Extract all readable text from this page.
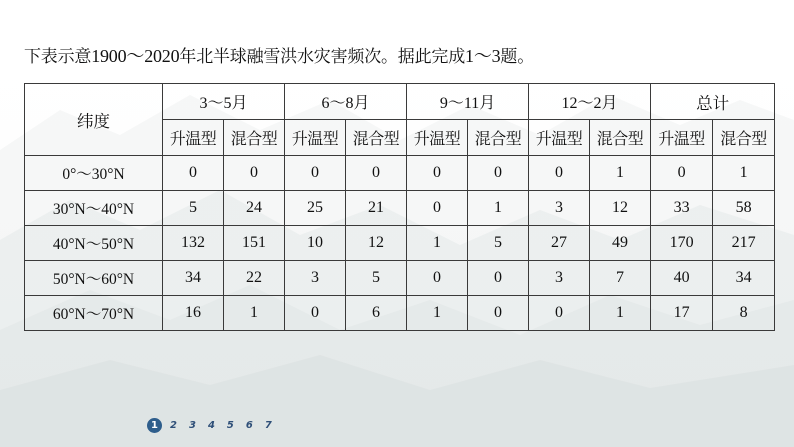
下表示意1900～2020年北半球融雪洪水灾害频次。据此完成1～3题。
纬度	3～5月		6～8月		9～11月		12～2月		总计	
	升温型	混合型	升温型	混合型	升温型	混合型	升温型	混合型	升温型	混合型
0°～30°N	0	0	0	0	0	0	0	1	0	1
30°N～40°N	5	24	25	21	0	1	3	12	33	58
40°N～50°N	132	151	10	12	1	5	27	49	170	217
50°N～60°N	34	22	3	5	0	0	3	7	40	34
60°N～70°N	16	1	0	6	1	0	0	1	17	8
1	2 3 4 5 6 7
